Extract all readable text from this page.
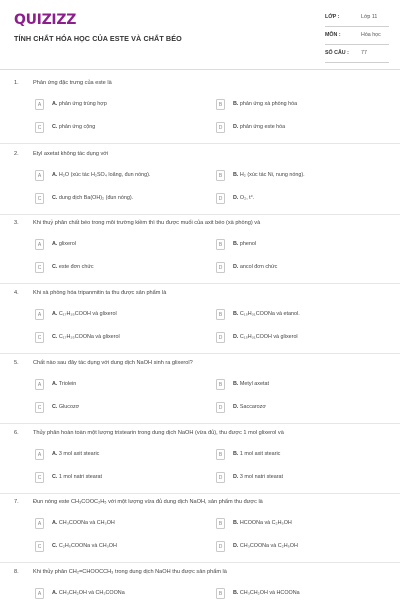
QUIZIZZ
TÍNH CHẤT HÓA HỌC CỦA ESTE VÀ CHẤT BÉO
LỚP :	Lớp 11
MÔN :	Hóa học
SỐ CÂU : 77
1.	Phản ứng đặc trưng của este là
A	A. phản ứng trùng hợp	B	B. phản ứng xà phòng hóa
C	C. phản ứng cộng	D	D. phản ứng este hóa
2.	Etyl axetat không tác dụng với
A	A. H₂O (xúc tác H₂SO₄ loãng, đun nóng).	B	B. H₂ (xúc tác Ni, nung nóng).
C	C. dung dịch Ba(OH)₂ (đun nóng).	D	D. O₂, t°.
3.	Khi thuỷ phân chất béo trong môi trường kiềm thì thu được muối của axit béo (xà phòng) và
A	A. glixerol	B	B. phenol
C	C. este đơn chức	D	D. ancol đơn chức
4.	Khi xà phòng hóa tripanmitin ta thu được sản phẩm là
A	A. C₁₇H₃₅COOH và glixerol	B	B. C₁₅H₃₁COONa và etanol.
C	C. C₁₇H₃₅COONa và glixerol	D	D. C₁₅H₃₁COOH và glixerol
5.	Chất nào sau đây tác dụng với dung dịch NaOH sinh ra glixerol?
A	A. Triolein	B	B. Metyl axetat
C	C. Glucozơ	D	D. Saccarozơ
6.	Thủy phân hoàn toàn một lượng tristearin trong dung dịch NaOH (vừa đủ), thu được 1 mol glixerol và
A	A. 3 mol axit stearic	B	B. 1 mol axit stearic
C	C. 1 mol natri stearat	D	D. 3 mol natri stearat
7.	Đun nóng este CH₃COOC₂H₅ với một lượng vừa đủ dung dịch NaOH, sản phẩm thu được là
A	A. CH₃COONa và CH₃OH	B	B. HCOONa và C₂H₅OH
C	C. C₂H₅COONa và CH₃OH	D	D. CH₃COONa và C₂H₅OH
8.	Khi thủy phân CH₂=CHOOCCH₃ trong dung dịch NaOH thu được sản phẩm là
A	A. CH₃CH₂OH và CH₃COONa	B	B. CH₃CH₂OH và HCOONa
